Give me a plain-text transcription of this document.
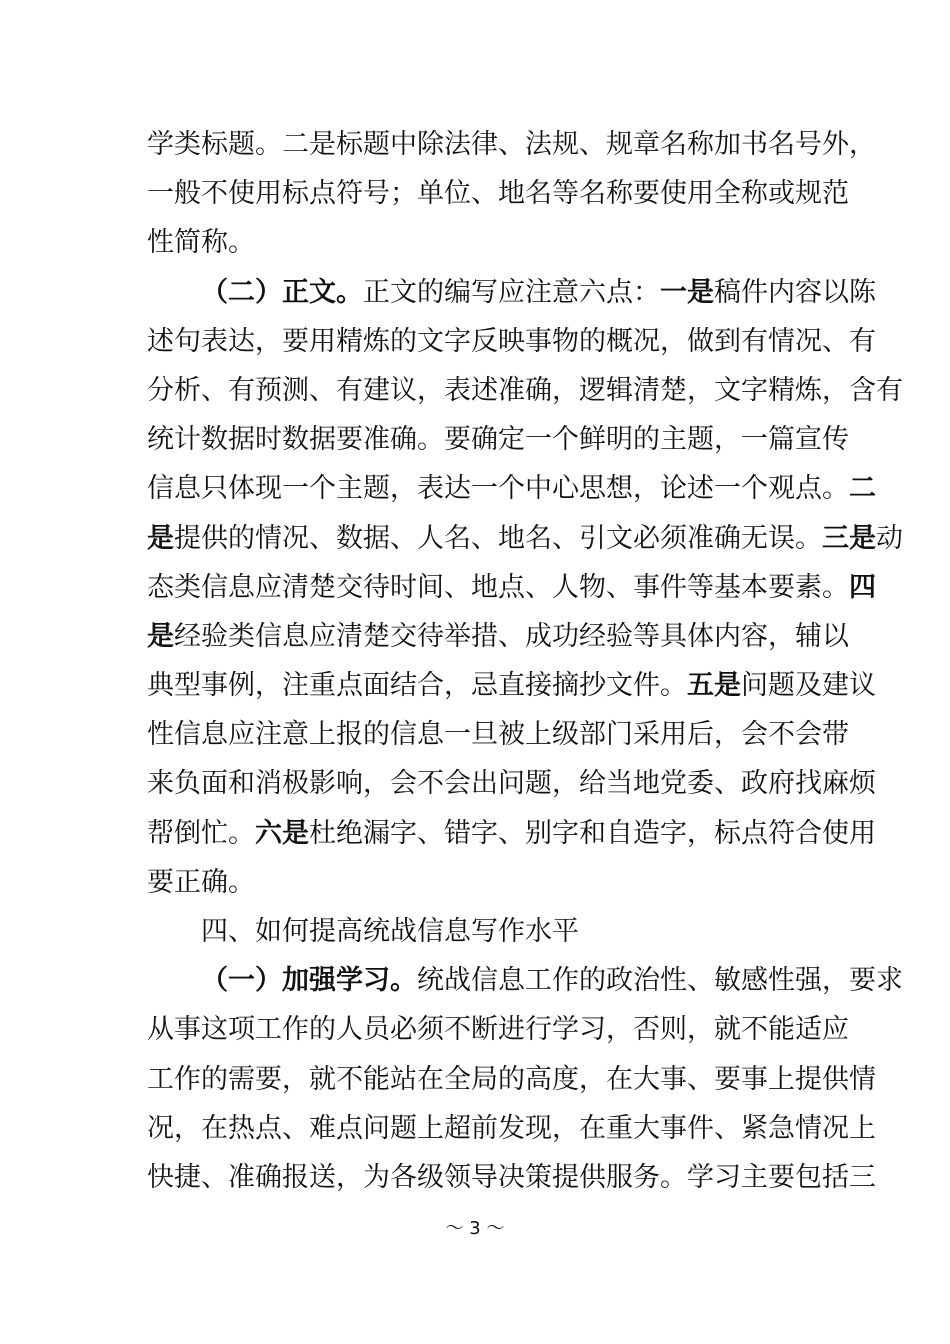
学类标题。二是标题中除法律、法规、规章名称加书名号外，
一般不使用标点符号；单位、地名等名称要使用全称或规范
性简称。
（二）正文。正文的编写应注意六点：一是稿件内容以陈
述句表达，要用精炼的文字反映事物的概况，做到有情况、有
分析、有预测、有建议，表述准确，逻辑清楚，文字精炼，含有
统计数据时数据要准确。要确定一个鲜明的主题，一篇宣传
信息只体现一个主题，表达一个中心思想，论述一个观点。二
是提供的情况、数据、人名、地名、引文必须准确无误。三是动
态类信息应清楚交待时间、地点、人物、事件等基本要素。四
是经验类信息应清楚交待举措、成功经验等具体内容，辅以
典型事例，注重点面结合，忌直接摘抄文件。五是问题及建议
性信息应注意上报的信息一旦被上级部门采用后，会不会带
来负面和消极影响，会不会出问题，给当地党委、政府找麻烦
帮倒忙。六是杜绝漏字、错字、别字和自造字，标点符合使用
要正确。
四、如何提高统战信息写作水平
（一）加强学习。统战信息工作的政治性、敏感性强，要求
从事这项工作的人员必须不断进行学习，否则，就不能适应
工作的需要，就不能站在全局的高度，在大事、要事上提供情
况，在热点、难点问题上超前发现，在重大事件、紧急情况上
快捷、准确报送，为各级领导决策提供服务。学习主要包括三
～ 3 ～
